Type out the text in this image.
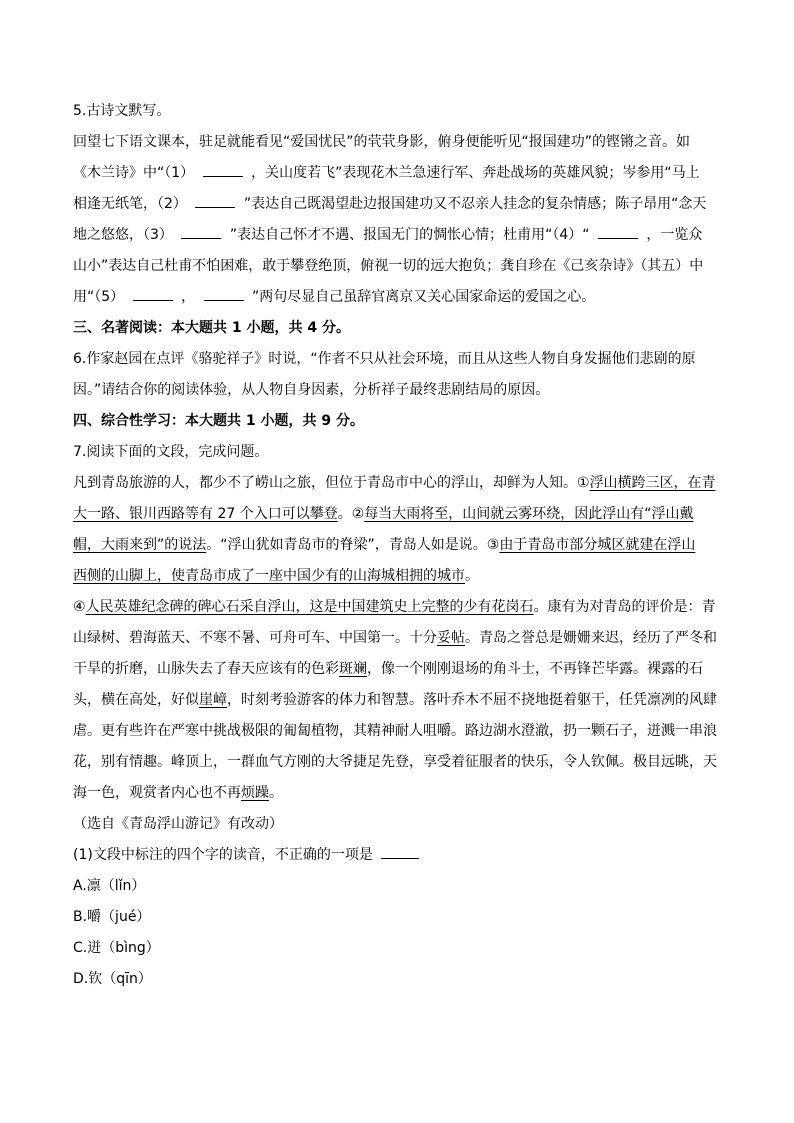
5.古诗文默写。
回望七下语文课本，驻足就能看见“爱国忧民”的茕茕身影，俯身便能听见“报国建功”的铿锵之音。如
《木兰诗》中“（1）	，关山度若飞”表现花木兰急速行军、奔赴战场的英雄风貌；岑参用“马上
相逢无纸笔，（2）	”表达自己既渴望赴边报国建功又不忍亲人挂念的复杂情感；陈子昂用“念天
地之悠悠，（3）	”表达自己怀才不遇、报国无门的惆怅心情；杜甫用“（4）“	，一览众
山小”表达自己杜甫不怕困难，敢于攀登绝顶，俯视一切的远大抱负；龚自珍在《己亥杂诗》（其五）中
用“（5）	，	”两句尽显自己虽辞官离京又关心国家命运的爱国之心。
三、名著阅读：本大题共 1 小题，共 4 分。
6.作家赵园在点评《骆驼祥子》时说，“作者不只从社会环境，而且从这些人物自身发掘他们悲剧的原
因。”请结合你的阅读体验，从人物自身因素，分析祥子最终悲剧结局的原因。
四、综合性学习：本大题共 1 小题，共 9 分。
7.阅读下面的文段，完成问题。
凡到青岛旅游的人，都少不了崂山之旅，但位于青岛市中心的浮山，却鲜为人知。①浮山横跨三区，在青
大一路、银川西路等有 27 个入口可以攀登。②每当大雨将至，山间就云雾环绕，因此浮山有“浮山戴
帽，大雨来到”的说法。“浮山犹如青岛市的脊梁”，青岛人如是说。③由于青岛市部分城区就建在浮山
西侧的山脚上，使青岛市成了一座中国少有的山海城相拥的城市。
④人民英雄纪念碑的碑心石采自浮山，这是中国建筑史上完整的少有花岗石。康有为对青岛的评价是：青
山绿树、碧海蓝天、不寒不暑、可舟可车、中国第一。十分妥帖。青岛之誉总是姗姗来迟，经历了严冬和
干旱的折磨，山脉失去了春天应该有的色彩斑斓，像一个刚刚退场的角斗士，不再锋芒毕露。裸露的石
头，横在高处，好似崖嶂，时刻考验游客的体力和智慧。落叶乔木不屈不挠地挺着躯干，任凭凛冽的风肆
虐。更有些许在严寒中挑战极限的匍匐植物，其精神耐人咀嚼。路边湖水澄澈，扔一颗石子，迸溅一串浪
花，别有情趣。峰顶上，一群血气方刚的大爷捷足先登，享受着征服者的快乐，令人钦佩。极目远眺，天
海一色，观赏者内心也不再烦躁。
（选自《青岛浮山游记》有改动）
(1)文段中标注的四个字的读音，不正确的一项是
A.凛（lǐn）
B.嚼（jué）
C.迸（bìng）
D.钦（qīn）
